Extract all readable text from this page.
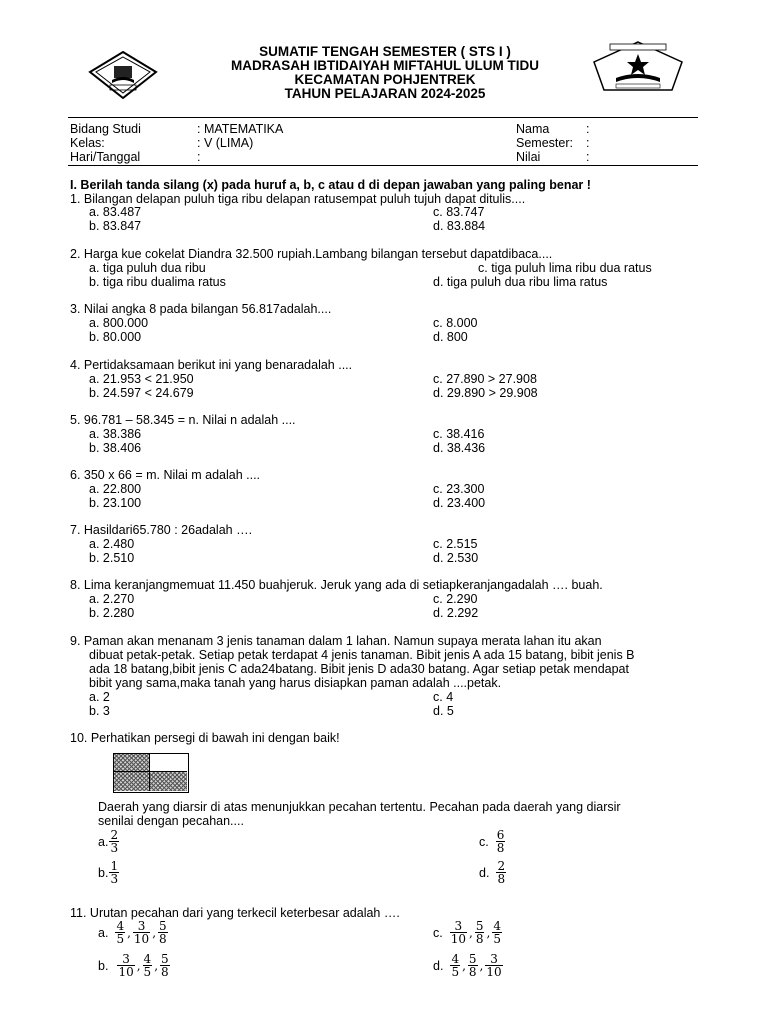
SUMATIF TENGAH SEMESTER ( STS I )
MADRASAH IBTIDAIYAH MIFTAHUL ULUM TIDU
KECAMATAN POHJENTREK
TAHUN PELAJARAN 2024-2025
Bidang Studi	: MATEMATIKA
Kelas:	: V (LIMA)
Hari/Tanggal	:
Nama	:
Semester: :
Nilai	:
I. Berilah tanda silang (x) pada huruf a, b, c atau d di depan jawaban yang paling benar !
1. Bilangan delapan puluh tiga ribu delapan ratusempat puluh tujuh dapat ditulis....
a. 83.487
b. 83.847
c. 83.747
d. 83.884
2. Harga kue cokelat Diandra 32.500 rupiah.Lambang bilangan tersebut dapatdibaca....
a. tiga puluh dua ribu
b. tiga ribu dualima ratus
c. tiga puluh lima ribu dua ratus
d. tiga puluh dua ribu lima ratus
3. Nilai angka 8 pada bilangan 56.817adalah....
a. 800.000
b. 80.000
c. 8.000
d. 800
4. Pertidaksamaan berikut ini yang benaradalah ....
a. 21.953 < 21.950
b. 24.597 < 24.679
c. 27.890 > 27.908
d. 29.890 > 29.908
5. 96.781 – 58.345 = n. Nilai n adalah ....
a. 38.386
b. 38.406
c. 38.416
d. 38.436
6. 350 x 66 = m. Nilai m adalah ....
a. 22.800
b. 23.100
c. 23.300
d. 23.400
7. Hasildari65.780 : 26adalah ….
a. 2.480
b. 2.510
c. 2.515
d. 2.530
8. Lima keranjangmemuat 11.450 buahjeruk. Jeruk yang ada di setiapkeranjangadalah …. buah.
a. 2.270
b. 2.280
c. 2.290
d. 2.292
9. Paman akan menanam 3 jenis tanaman dalam 1 lahan. Namun supaya merata lahan itu akan
dibuat petak-petak. Setiap petak terdapat 4 jenis tanaman. Bibit jenis A ada 15 batang, bibit jenis B
ada 18 batang,bibit jenis C ada24batang. Bibit jenis D ada30 batang. Agar setiap petak mendapat
bibit yang sama,maka tanah yang harus disiapkan paman adalah ....petak.
a. 2
b. 3
c. 4
d. 5
10. Perhatikan persegi di bawah ini dengan baik!
Daerah yang diarsir di atas menunjukkan pecahan tertentu. Pecahan pada daerah yang diarsir
senilai dengan pecahan....
a. $\frac{2}{3}$
b. $\frac{1}{3}$
c. $\frac{6}{8}$
d. $\frac{2}{8}$
11. Urutan pecahan dari yang terkecil keterbesar adalah ….
a. $\frac{4}{5}$ , $\frac{3}{10}$ , $\frac{5}{8}$
b. $\frac{3}{10}$ , $\frac{4}{5}$ , $\frac{5}{8}$
c. $\frac{3}{10}$ , $\frac{5}{8}$ , $\frac{4}{5}$
d. $\frac{4}{5}$ , $\frac{5}{8}$ , $\frac{3}{10}$
